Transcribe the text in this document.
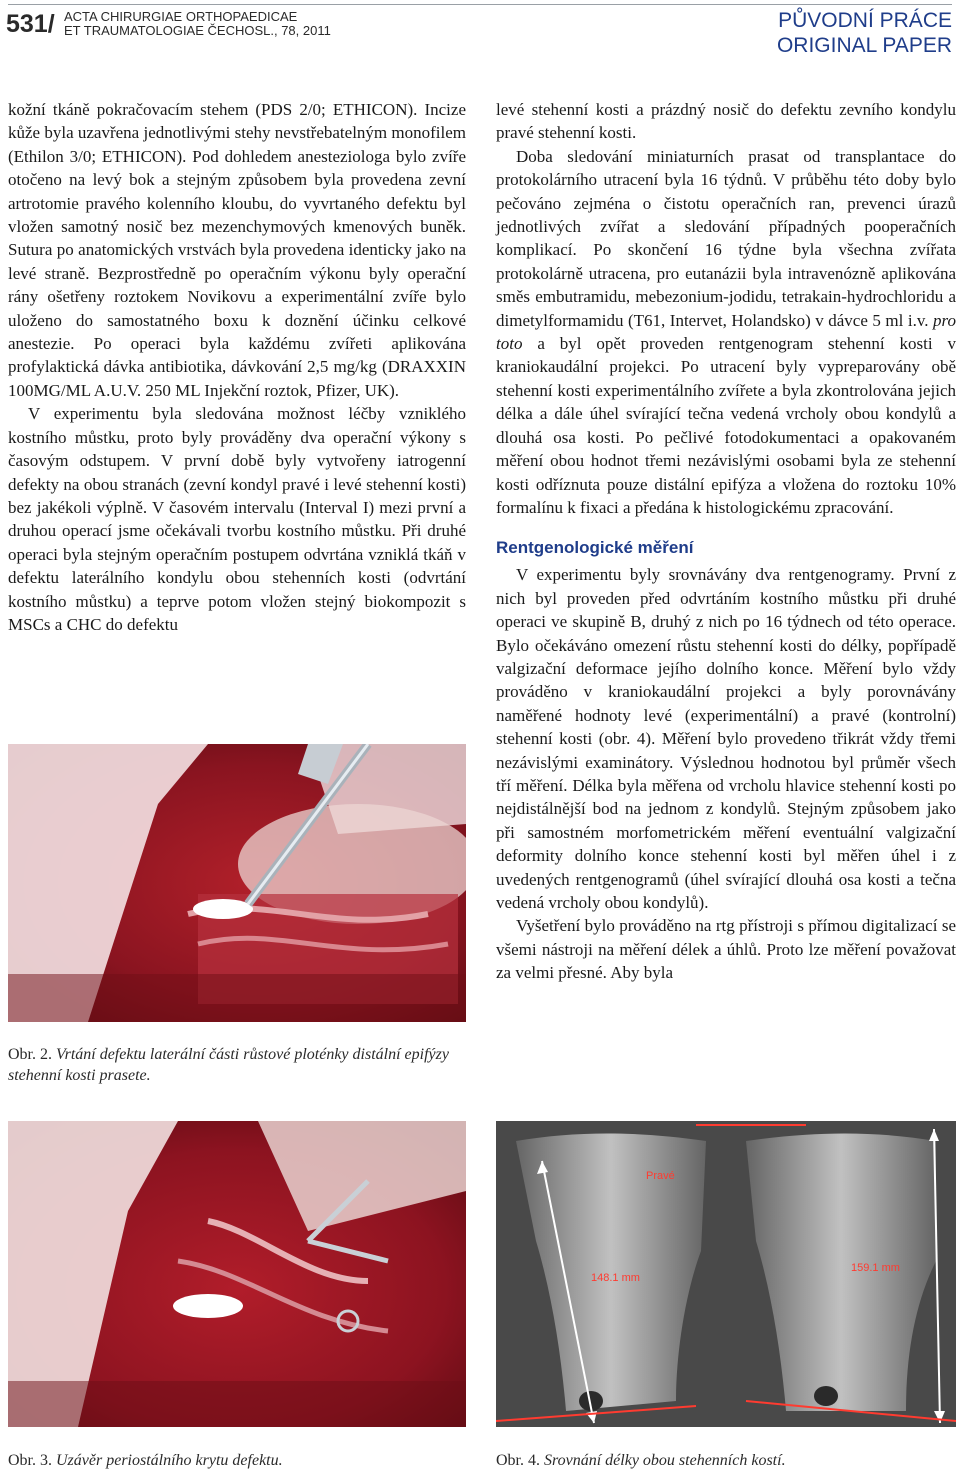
531/ ACTA CHIRURGIAE ORTHOPAEDICAE
ET TRAUMATOLOGIAE ČECHOSL., 78, 2011	PŮVODNÍ PRÁCE
ORIGINAL PAPER

kožní tkáně pokračovacím stehem (PDS 2/0; ETHICON). Incize kůže byla uzavřena jednotlivými stehy nevstřebatelným monofilem (Ethilon 3/0; ETHICON). Pod dohledem anesteziologa bylo zvíře otočeno na levý bok a stejným způsobem byla provedena zevní artrotomie pravého kolenního kloubu, do vyvrtaného defektu byl vložen samotný nosič bez mezenchymových kmenových buněk. Sutura po anatomických vrstvách byla provedena identicky jako na levé straně. Bezprostředně po operačním výkonu byly operační rány ošetřeny roztokem Novikovu a experimentální zvíře bylo uloženo do samostatného boxu k doznění účinku celkové anestezie. Po operaci byla každému zvířeti aplikována profylaktická dávka antibiotika, dávkování 2,5 mg/kg (DRAXXIN 100MG/ML A.U.V. 250 ML Injekční roztok, Pfizer, UK).

V experimentu byla sledována možnost léčby vzniklého kostního můstku, proto byly prováděny dva operační výkony s časovým odstupem. V první době byly vytvořeny iatrogenní defekty na obou stranách (zevní kondyl pravé i levé stehenní kosti) bez jakékoli výplně. V časovém intervalu (Interval I) mezi první a druhou operací jsme očekávali tvorbu kostního můstku. Při druhé operaci byla stejným operačním postupem odvrtána vzniklá tkáň v defektu laterálního kondylu obou stehenních kosti (odvrtání kostního můstku) a teprve potom vložen stejný biokompozit s MSCs a CHC do defektu

levé stehenní kosti a prázdný nosič do defektu zevního kondylu pravé stehenní kosti.

Doba sledování miniaturních prasat od transplantace do protokolárního utracení byla 16 týdnů. V průběhu této doby bylo pečováno zejména o čistotu operačních ran, prevenci úrazů jednotlivých zvířat a sledování případných pooperačních komplikací. Po skončení 16 týdne byla všechna zvířata protokolárně utracena, pro eutanázii byla intravenózně aplikována směs embutramidu, mebezonium-jodidu, tetrakain-hydrochloridu a dimetylformamidu (T61, Intervet, Holandsko) v dávce 5 ml i.v. pro toto a byl opět proveden rentgenogram stehenní kosti v kraniokaudální projekci. Po utracení byly vypreparovány obě stehenní kosti experimentálního zvířete a byla zkontrolována jejich délka a dále úhel svírající tečna vedená vrcholy obou kondylů a dlouhá osa kosti. Po pečlivé fotodokumentaci a opakovaném měření obou hodnot třemi nezávislými osobami byla ze stehenní kosti odříznuta pouze distální epifýza a vložena do roztoku 10% formalínu k fixaci a předána k histologickému zpracování.

Rentgenologické měření

V experimentu byly srovnávány dva rentgenogramy. První z nich byl proveden před odvrtáním kostního můstku při druhé operaci ve skupině B, druhý z nich po 16 týdnech od této operace. Bylo očekáváno omezení růstu stehenní kosti do délky, popřípadě valgizační deformace jejího dolního konce. Měření bylo vždy prováděno v kraniokaudální projekci a byly porovnávány naměřené hodnoty levé (experimentální) a pravé (kontrolní) stehenní kosti (obr. 4). Měření bylo provedeno třikrát vždy třemi nezávislými examinátory. Výslednou hodnotou byl průměr všech tří měření. Délka byla měřena od vrcholu hlavice stehenní kosti po nejdistálnější bod na jednom z kondylů. Stejným způsobem jako při samostném morfometrickém měření eventuální valgizační deformity dolního konce stehenní kosti byl měřen úhel i z uvedených rentgenogramů (úhel svírající dlouhá osa kosti a tečna vedená vrcholy obou kondylů).

Vyšetření bylo prováděno na rtg přístroji s přímou digitalizací se všemi nástroji na měření délek a úhlů. Proto lze měření považovat za velmi přesné. Aby byla

Obr. 2. Vrtání defektu laterální části růstové ploténky distální epifýzy stehenní kosti prasete.
Obr. 3. Uzávěr periostálního krytu defektu.
Pravé
148.1 mm
159.1 mm
Obr. 4. Srovnání délky obou stehenních kostí.
